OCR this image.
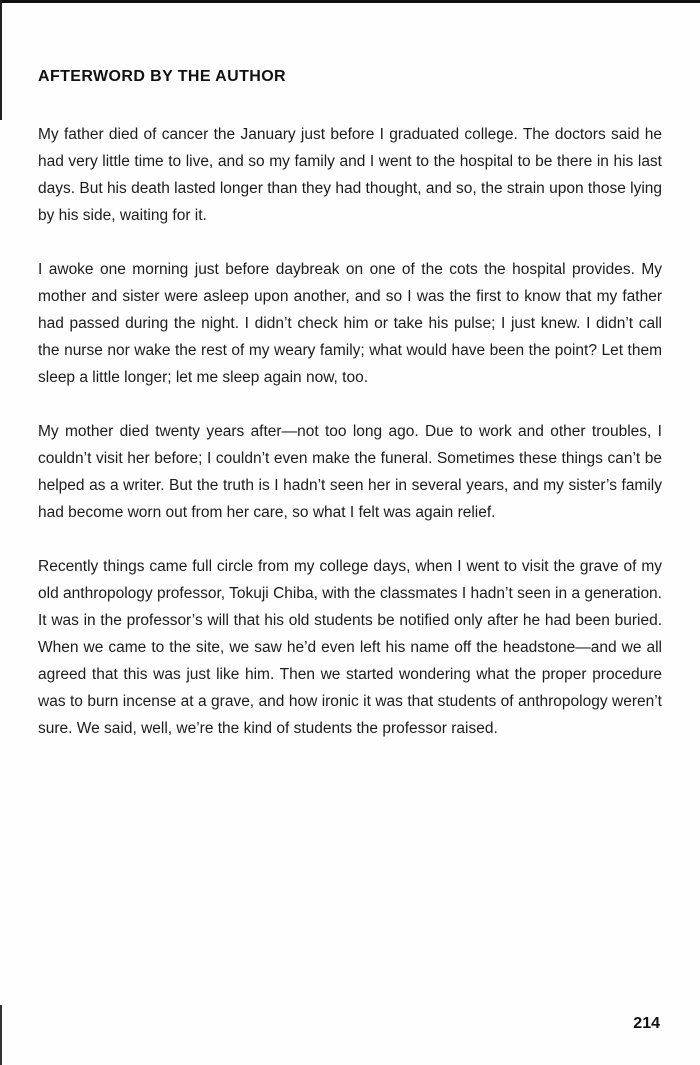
AFTERWORD BY THE AUTHOR

My father died of cancer the January just before I graduated college. The doctors said he had very little time to live, and so my family and I went to the hospital to be there in his last days. But his death lasted longer than they had thought, and so, the strain upon those lying by his side, waiting for it.

I awoke one morning just before daybreak on one of the cots the hospital provides. My mother and sister were asleep upon another, and so I was the first to know that my father had passed during the night. I didn’t check him or take his pulse; I just knew. I didn’t call the nurse nor wake the rest of my weary family; what would have been the point? Let them sleep a little longer; let me sleep again now, too.

My mother died twenty years after—not too long ago. Due to work and other troubles, I couldn’t visit her before; I couldn’t even make the funeral. Sometimes these things can’t be helped as a writer. But the truth is I hadn’t seen her in several years, and my sister’s family had become worn out from her care, so what I felt was again relief.

Recently things came full circle from my college days, when I went to visit the grave of my old anthropology professor, Tokuji Chiba, with the classmates I hadn’t seen in a generation. It was in the professor’s will that his old students be notified only after he had been buried. When we came to the site, we saw he’d even left his name off the headstone—and we all agreed that this was just like him. Then we started wondering what the proper procedure was to burn incense at a grave, and how ironic it was that students of anthropology weren’t sure. We said, well, we’re the kind of students the professor raised.

214
